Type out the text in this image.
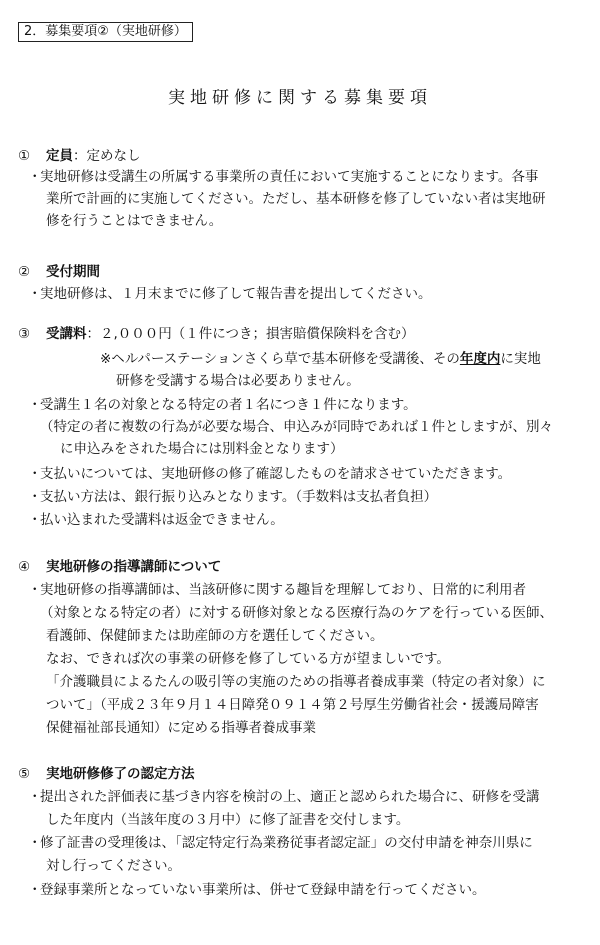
2．募集要項②（実地研修）
実地研修に関する募集要項
① 定員：定めなし
・
実地研修は受講生の所属する事業所の責任において実施することになります。各事
業所で計画的に実施してください。ただし、基本研修を修了していない者は実地研
修を行うことはできません。
② 受付期間
・
実地研修は、１月末までに修了して報告書を提出してください。
③ 受講料：２,０００円（１件につき；損害賠償保険料を含む）
※ヘルパーステーションさくら草で基本研修を受講後、その年度内に実地
研修を受講する場合は必要ありません。
・
受講生１名の対象となる特定の者１名につき１件になります。
（特定の者に複数の行為が必要な場合、申込みが同時であれば１件としますが、別々
に申込みをされた場合には別料金となります）
・
支払いについては、実地研修の修了確認したものを請求させていただきます。
・
支払い方法は、銀行振り込みとなります。（手数料は支払者負担）
・
払い込まれた受講料は返金できません。
④ 実地研修の指導講師について
・
実地研修の指導講師は、当該研修に関する趣旨を理解しており、日常的に利用者
（対象となる特定の者）に対する研修対象となる医療行為のケアを行っている医師、
看護師、保健師または助産師の方を選任してください。
なお、できれば次の事業の研修を修了している方が望ましいです。
「介護職員によるたんの吸引等の実施のための指導者養成事業（特定の者対象）に
ついて」（平成２３年９月１４日障発０９１４第２号厚生労働省社会・援護局障害
保健福祉部長通知）に定める指導者養成事業
⑤ 実地研修修了の認定方法
・
提出された評価表に基づき内容を検討の上、適正と認められた場合に、研修を受講
した年度内（当該年度の３月中）に修了証書を交付します。
・
修了証書の受理後は、「認定特定行為業務従事者認定証」の交付申請を神奈川県に
対し行ってください。
・
登録事業所となっていない事業所は、併せて登録申請を行ってください。
